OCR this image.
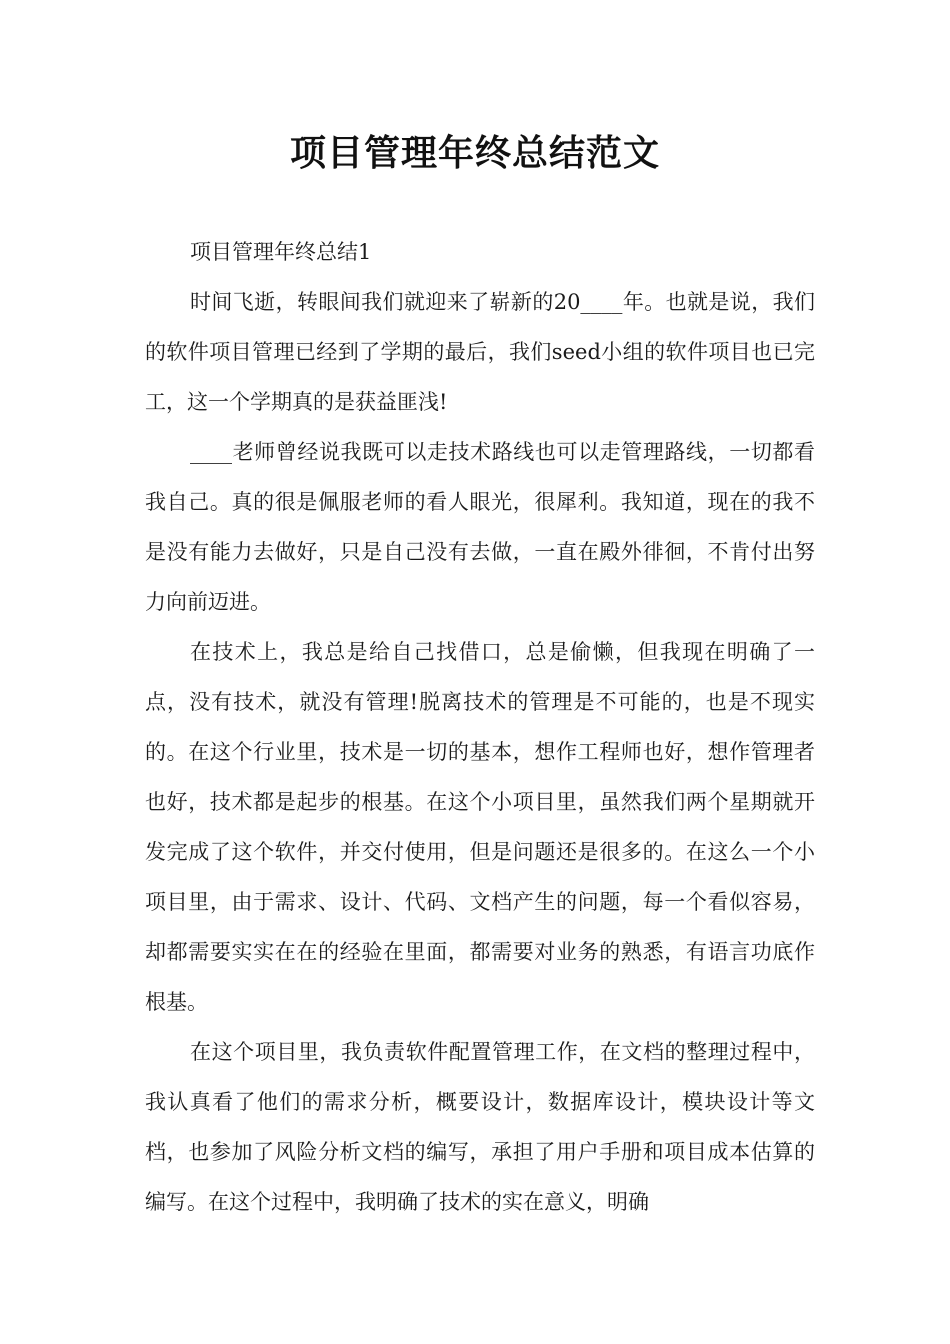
项目管理年终总结范文

项目管理年终总结1

时间飞逝，转眼间我们就迎来了崭新的20____年。也就是说，我们的软件项目管理已经到了学期的最后，我们seed小组的软件项目也已完工，这一个学期真的是获益匪浅!

____老师曾经说我既可以走技术路线也可以走管理路线，一切都看我自己。真的很是佩服老师的看人眼光，很犀利。我知道，现在的我不是没有能力去做好，只是自己没有去做，一直在殿外徘徊，不肯付出努力向前迈进。

在技术上，我总是给自己找借口，总是偷懒，但我现在明确了一点，没有技术，就没有管理!脱离技术的管理是不可能的，也是不现实的。在这个行业里，技术是一切的基本，想作工程师也好，想作管理者也好，技术都是起步的根基。在这个小项目里，虽然我们两个星期就开发完成了这个软件，并交付使用，但是问题还是很多的。在这么一个小项目里，由于需求、设计、代码、文档产生的问题，每一个看似容易，却都需要实实在在的经验在里面，都需要对业务的熟悉，有语言功底作根基。

在这个项目里，我负责软件配置管理工作，在文档的整理过程中，我认真看了他们的需求分析，概要设计，数据库设计，模块设计等文档，也参加了风险分析文档的编写，承担了用户手册和项目成本估算的编写。在这个过程中，我明确了技术的实在意义，明确
